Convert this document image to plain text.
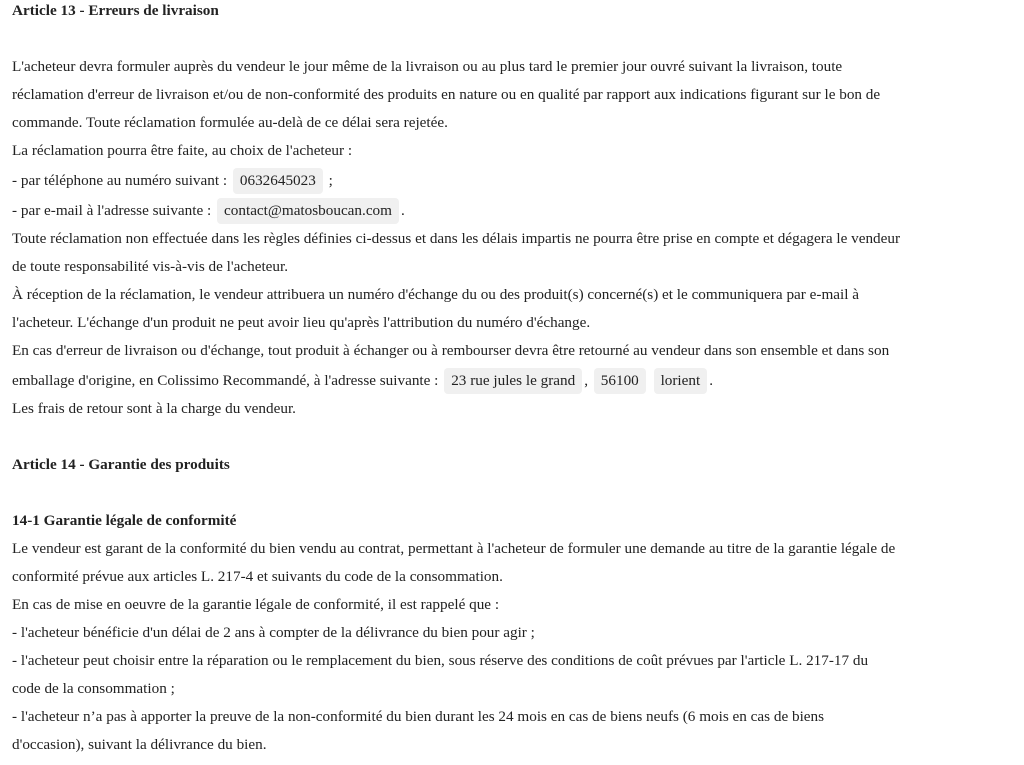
Article 13 - Erreurs de livraison
L'acheteur devra formuler auprès du vendeur le jour même de la livraison ou au plus tard le premier jour ouvré suivant la livraison, toute
réclamation d'erreur de livraison et/ou de non-conformité des produits en nature ou en qualité par rapport aux indications figurant sur le bon de
commande. Toute réclamation formulée au-delà de ce délai sera rejetée.
La réclamation pourra être faite, au choix de l'acheteur :
- par téléphone au numéro suivant : 0632645023 ;
- par e-mail à l'adresse suivante : contact@matosboucan.com .
Toute réclamation non effectuée dans les règles définies ci-dessus et dans les délais impartis ne pourra être prise en compte et dégagera le vendeur
de toute responsabilité vis-à-vis de l'acheteur.
À réception de la réclamation, le vendeur attribuera un numéro d'échange du ou des produit(s) concerné(s) et le communiquera par e-mail à
l'acheteur. L'échange d'un produit ne peut avoir lieu qu'après l'attribution du numéro d'échange.
En cas d'erreur de livraison ou d'échange, tout produit à échanger ou à rembourser devra être retourné au vendeur dans son ensemble et dans son
emballage d'origine, en Colissimo Recommandé, à l'adresse suivante : 23 rue jules le grand , 56100 lorient .
Les frais de retour sont à la charge du vendeur.
Article 14 - Garantie des produits
14-1 Garantie légale de conformité
Le vendeur est garant de la conformité du bien vendu au contrat, permettant à l'acheteur de formuler une demande au titre de la garantie légale de
conformité prévue aux articles L. 217-4 et suivants du code de la consommation.
En cas de mise en oeuvre de la garantie légale de conformité, il est rappelé que :
- l'acheteur bénéficie d'un délai de 2 ans à compter de la délivrance du bien pour agir ;
- l'acheteur peut choisir entre la réparation ou le remplacement du bien, sous réserve des conditions de coût prévues par l'article L. 217-17 du
code de la consommation ;
- l'acheteur n’a pas à apporter la preuve de la non-conformité du bien durant les 24 mois en cas de biens neufs (6 mois en cas de biens
d'occasion), suivant la délivrance du bien.
